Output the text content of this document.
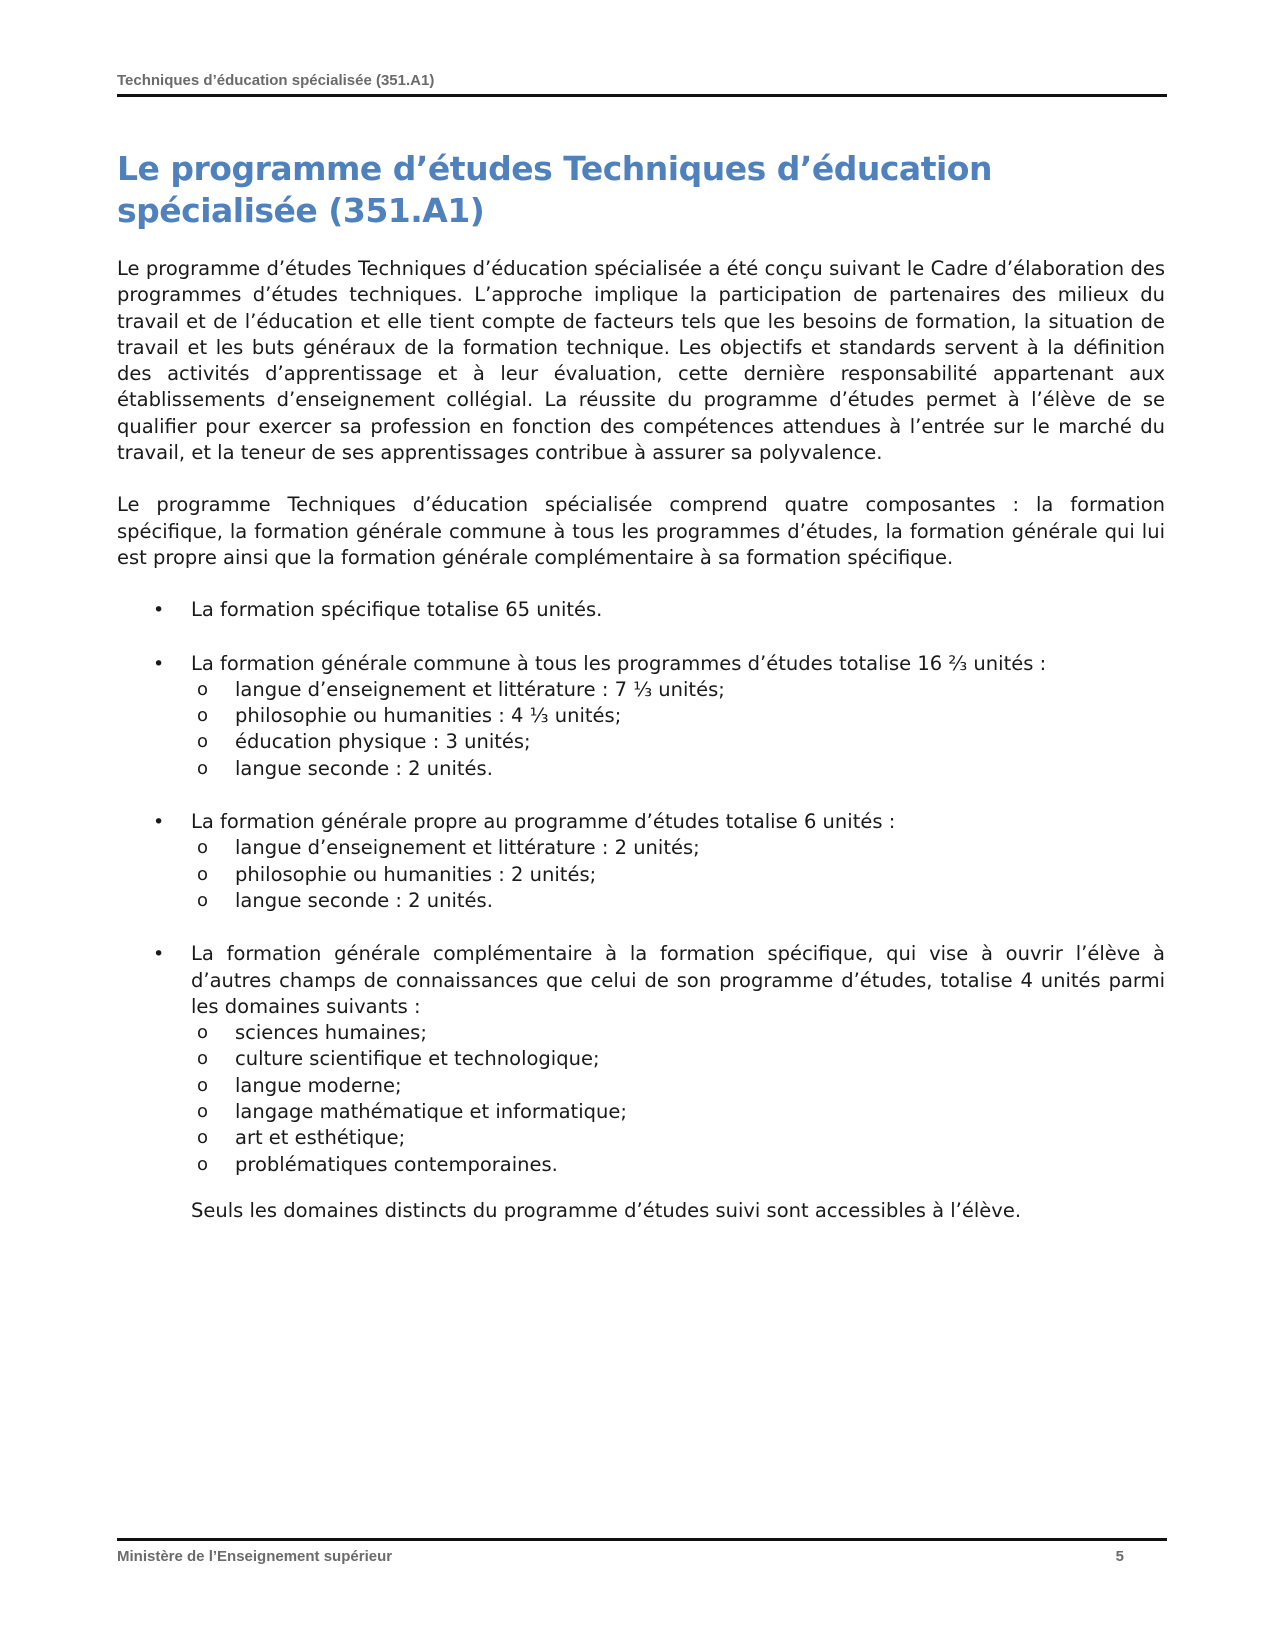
Techniques d’éducation spécialisée (351.A1)
Le programme d’études Techniques d’éducation spécialisée (351.A1)

Le programme d’études Techniques d’éducation spécialisée a été conçu suivant le Cadre d’élaboration des programmes d’études techniques. L’approche implique la participation de partenaires des milieux du travail et de l’éducation et elle tient compte de facteurs tels que les besoins de formation, la situation de travail et les buts généraux de la formation technique. Les objectifs et standards servent à la définition des activités d’apprentissage et à leur évaluation, cette dernière responsabilité appartenant aux établissements d’enseignement collégial. La réussite du programme d’études permet à l’élève de se qualifier pour exercer sa profession en fonction des compétences attendues à l’entrée sur le marché du travail, et la teneur de ses apprentissages contribue à assurer sa polyvalence.

Le programme Techniques d’éducation spécialisée comprend quatre composantes : la formation spécifique, la formation générale commune à tous les programmes d’études, la formation générale qui lui est propre ainsi que la formation générale complémentaire à sa formation spécifique.

• La formation spécifique totalise 65 unités.
• La formation générale commune à tous les programmes d’études totalise 16 ⅔ unités :
o langue d’enseignement et littérature : 7 ⅓ unités;
o philosophie ou humanities : 4 ⅓ unités;
o éducation physique : 3 unités;
o langue seconde : 2 unités.
• La formation générale propre au programme d’études totalise 6 unités :
o langue d’enseignement et littérature : 2 unités;
o philosophie ou humanities : 2 unités;
o langue seconde : 2 unités.
• La formation générale complémentaire à la formation spécifique, qui vise à ouvrir l’élève à d’autres champs de connaissances que celui de son programme d’études, totalise 4 unités parmi les domaines suivants :
o sciences humaines;
o culture scientifique et technologique;
o langue moderne;
o langage mathématique et informatique;
o art et esthétique;
o problématiques contemporaines.

Seuls les domaines distincts du programme d’études suivi sont accessibles à l’élève.

Ministère de l’Enseignement supérieur	5
